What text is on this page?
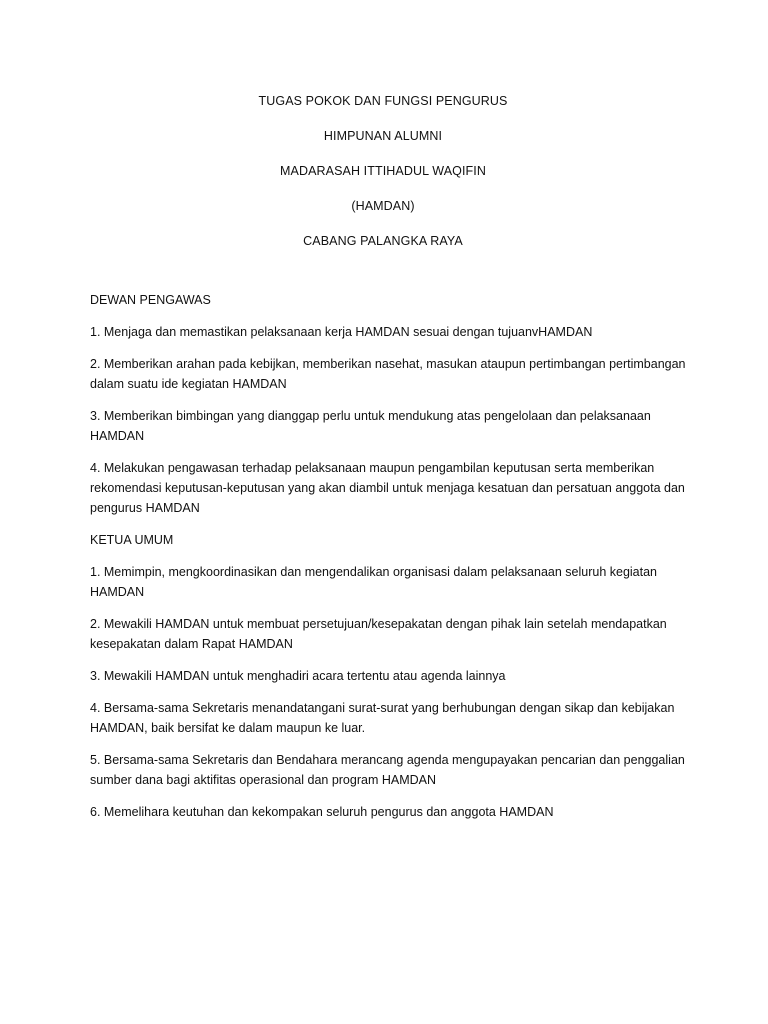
TUGAS POKOK DAN FUNGSI PENGURUS
HIMPUNAN ALUMNI
MADARASAH ITTIHADUL WAQIFIN
(HAMDAN)
CABANG PALANGKA RAYA

DEWAN PENGAWAS

1. Menjaga dan memastikan pelaksanaan kerja HAMDAN sesuai dengan tujuanvHAMDAN

2. Memberikan arahan pada kebijkan, memberikan nasehat, masukan ataupun pertimbangan pertimbangan dalam suatu ide kegiatan HAMDAN

3. Memberikan bimbingan yang dianggap perlu untuk mendukung atas pengelolaan dan pelaksanaan HAMDAN

4. Melakukan pengawasan terhadap pelaksanaan maupun pengambilan keputusan serta memberikan rekomendasi keputusan-keputusan yang akan diambil untuk menjaga kesatuan dan persatuan anggota dan pengurus HAMDAN

KETUA UMUM

1. Memimpin, mengkoordinasikan dan mengendalikan organisasi dalam pelaksanaan seluruh kegiatan HAMDAN

2. Mewakili HAMDAN untuk membuat persetujuan/kesepakatan dengan pihak lain setelah mendapatkan kesepakatan dalam Rapat HAMDAN

3. Mewakili HAMDAN untuk menghadiri acara tertentu atau agenda lainnya

4. Bersama-sama Sekretaris menandatangani surat-surat yang berhubungan dengan sikap dan kebijakan HAMDAN, baik bersifat ke dalam maupun ke luar.

5. Bersama-sama Sekretaris dan Bendahara merancang agenda mengupayakan pencarian dan penggalian sumber dana bagi aktifitas operasional dan program HAMDAN

6. Memelihara keutuhan dan kekompakan seluruh pengurus dan anggota HAMDAN
